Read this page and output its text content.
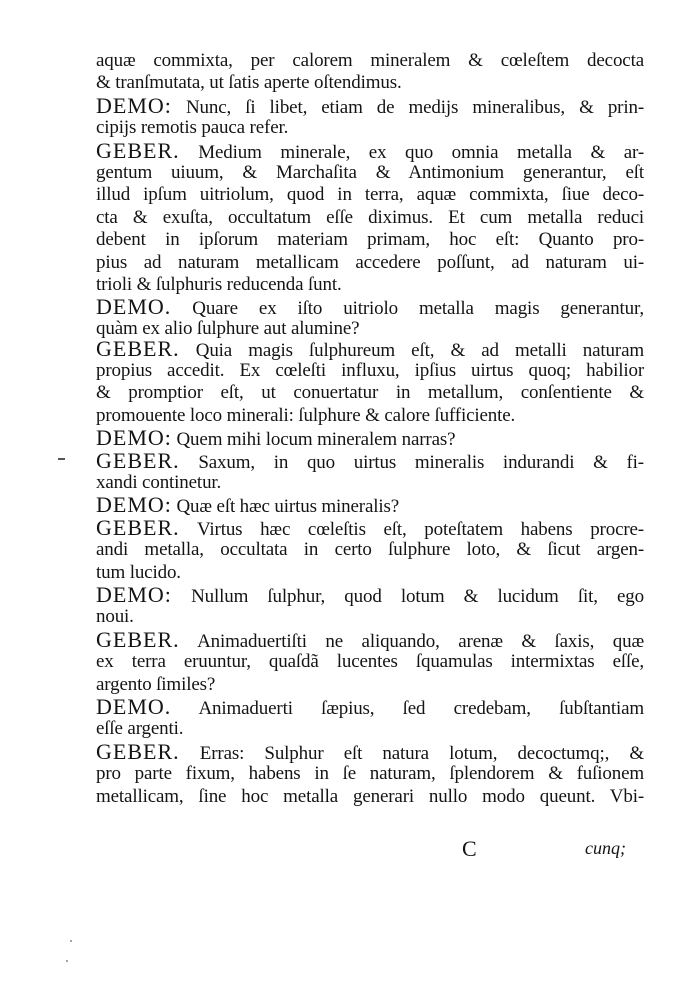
aquæ commixta, per calorem mineralem & cœleſtem decocta
& tranſmutata, ut ſatis aperte oſtendimus.
DEMO: Nunc, ſi libet, etiam de medijs mineralibus, & prin-
cipijs remotis pauca refer.
GEBER. Medium minerale, ex quo omnia metalla & ar-
gentum uiuum, & Marchaſita & Antimonium generantur, eſt
illud ipſum uitriolum, quod in terra, aquæ commixta, ſiue deco-
cta & exuſta, occultatum eſſe diximus. Et cum metalla reduci
debent in ipſorum materiam primam, hoc eſt: Quanto pro-
pius ad naturam metallicam accedere poſſunt, ad naturam ui-
trioli & ſulphuris reducenda ſunt.
DEMO. Quare ex iſto uitriolo metalla magis generantur,
quàm ex alio ſulphure aut alumine?
GEBER. Quia magis ſulphureum eſt, & ad metalli naturam
propius accedit. Ex cœleſti influxu, ipſius uirtus quoq; habilior
& promptior eſt, ut conuertatur in metallum, conſentiente &
promouente loco minerali: ſulphure & calore ſufficiente.
DEMO: Quem mihi locum mineralem narras?
GEBER. Saxum, in quo uirtus mineralis indurandi & fi-
xandi continetur.
DEMO: Quæ eſt hæc uirtus mineralis?
GEBER. Virtus hæc cœleſtis eſt, poteſtatem habens procre-
andi metalla, occultata in certo ſulphure loto, & ſicut argen-
tum lucido.
DEMO: Nullum ſulphur, quod lotum & lucidum ſit, ego
noui.
GEBER. Animaduertiſti ne aliquando, arenæ & ſaxis, quæ
ex terra eruuntur, quaſdã lucentes ſquamulas intermixtas eſſe,
argento ſimiles?
DEMO. Animaduerti ſæpius, ſed credebam, ſubſtantiam
eſſe argenti.
GEBER. Erras: Sulphur eſt natura lotum, decoctumq;, &
pro parte fixum, habens in ſe naturam, ſplendorem & fuſionem
metallicam, ſine hoc metalla generari nullo modo queunt. Vbi-
C	cunq;
